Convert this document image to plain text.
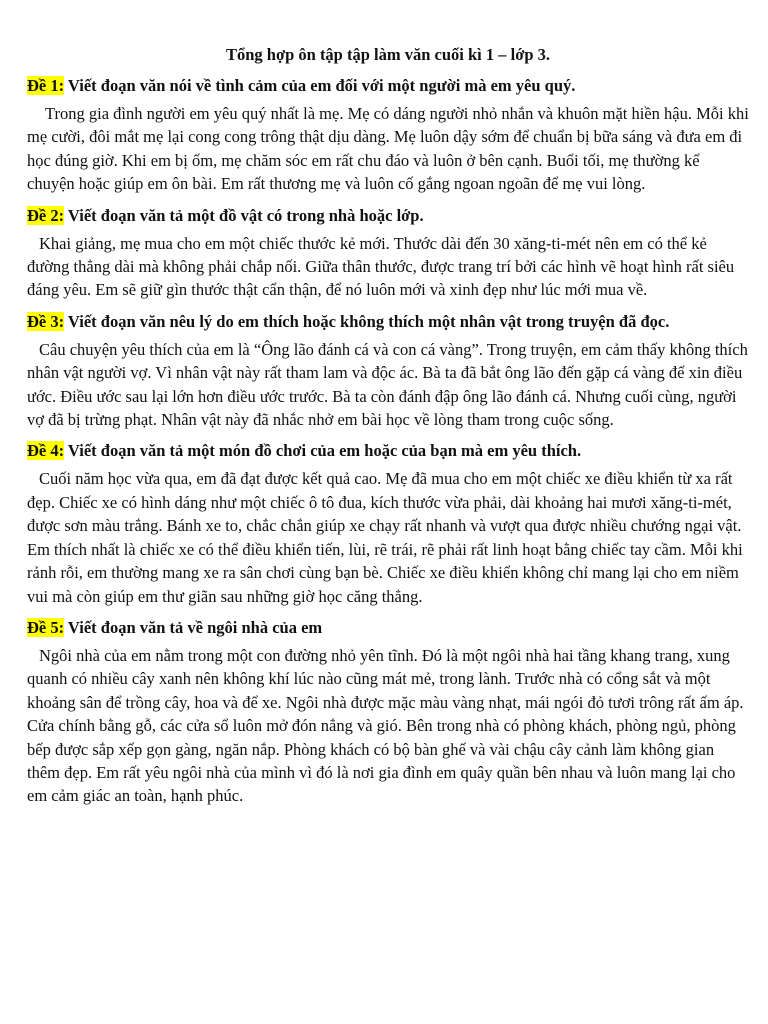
Tổng hợp ôn tập tập làm văn cuối kì 1 – lớp 3.
Đề 1: Viết đoạn văn nói về tình cảm của em đối với một người mà em yêu quý.
Trong gia đình người em yêu quý nhất là mẹ. Mẹ có dáng người nhỏ nhắn và khuôn mặt hiền hậu. Mỗi khi mẹ cười, đôi mắt mẹ lại cong cong trông thật dịu dàng. Mẹ luôn dậy sớm để chuẩn bị bữa sáng và đưa em đi học đúng giờ. Khi em bị ốm, mẹ chăm sóc em rất chu đáo và luôn ở bên cạnh. Buổi tối, mẹ thường kể chuyện hoặc giúp em ôn bài. Em rất thương mẹ và luôn cố gắng ngoan ngoãn để mẹ vui lòng.
Đề 2: Viết đoạn văn tả một đồ vật có trong nhà hoặc lớp.
Khai giảng, mẹ mua cho em một chiếc thước kẻ mới. Thước dài đến 30 xăng-ti-mét nên em có thể kẻ đường thẳng dài mà không phải chắp nối. Giữa thân thước, được trang trí bởi các hình vẽ hoạt hình rất siêu đáng yêu. Em sẽ giữ gìn thước thật cẩn thận, để nó luôn mới và xinh đẹp như lúc mới mua về.
Đề 3: Viết đoạn văn nêu lý do em thích hoặc không thích một nhân vật trong truyện đã đọc.
Câu chuyện yêu thích của em là “Ông lão đánh cá và con cá vàng”. Trong truyện, em cảm thấy không thích nhân vật người vợ. Vì nhân vật này rất tham lam và độc ác. Bà ta đã bắt ông lão đến gặp cá vàng để xin điều ước. Điều ước sau lại lớn hơn điều ước trước. Bà ta còn đánh đập ông lão đánh cá. Nhưng cuối cùng, người vợ đã bị trừng phạt. Nhân vật này đã nhắc nhở em bài học về lòng tham trong cuộc sống.
Đề 4: Viết đoạn văn tả một món đồ chơi của em hoặc của bạn mà em yêu thích.
Cuối năm học vừa qua, em đã đạt được kết quả cao. Mẹ đã mua cho em một chiếc xe điều khiển từ xa rất đẹp. Chiếc xe có hình dáng như một chiếc ô tô đua, kích thước vừa phải, dài khoảng hai mươi xăng-ti-mét, được sơn màu trắng. Bánh xe to, chắc chắn giúp xe chạy rất nhanh và vượt qua được nhiều chướng ngại vật. Em thích nhất là chiếc xe có thể điều khiển tiến, lùi, rẽ trái, rẽ phải rất linh hoạt bằng chiếc tay cầm. Mỗi khi rảnh rỗi, em thường mang xe ra sân chơi cùng bạn bè. Chiếc xe điều khiển không chỉ mang lại cho em niềm vui mà còn giúp em thư giãn sau những giờ học căng thẳng.
Đề 5: Viết đoạn văn tả về ngôi nhà của em
Ngôi nhà của em nằm trong một con đường nhỏ yên tĩnh. Đó là một ngôi nhà hai tầng khang trang, xung quanh có nhiều cây xanh nên không khí lúc nào cũng mát mẻ, trong lành. Trước nhà có cổng sắt và một khoảng sân để trồng cây, hoa và để xe. Ngôi nhà được mặc màu vàng nhạt, mái ngói đỏ tươi trông rất ấm áp. Cửa chính bằng gỗ, các cửa sổ luôn mở đón nắng và gió. Bên trong nhà có phòng khách, phòng ngủ, phòng bếp được sắp xếp gọn gàng, ngăn nắp. Phòng khách có bộ bàn ghế và vài chậu cây cảnh làm không gian thêm đẹp. Em rất yêu ngôi nhà của mình vì đó là nơi gia đình em quây quần bên nhau và luôn mang lại cho em cảm giác an toàn, hạnh phúc.
